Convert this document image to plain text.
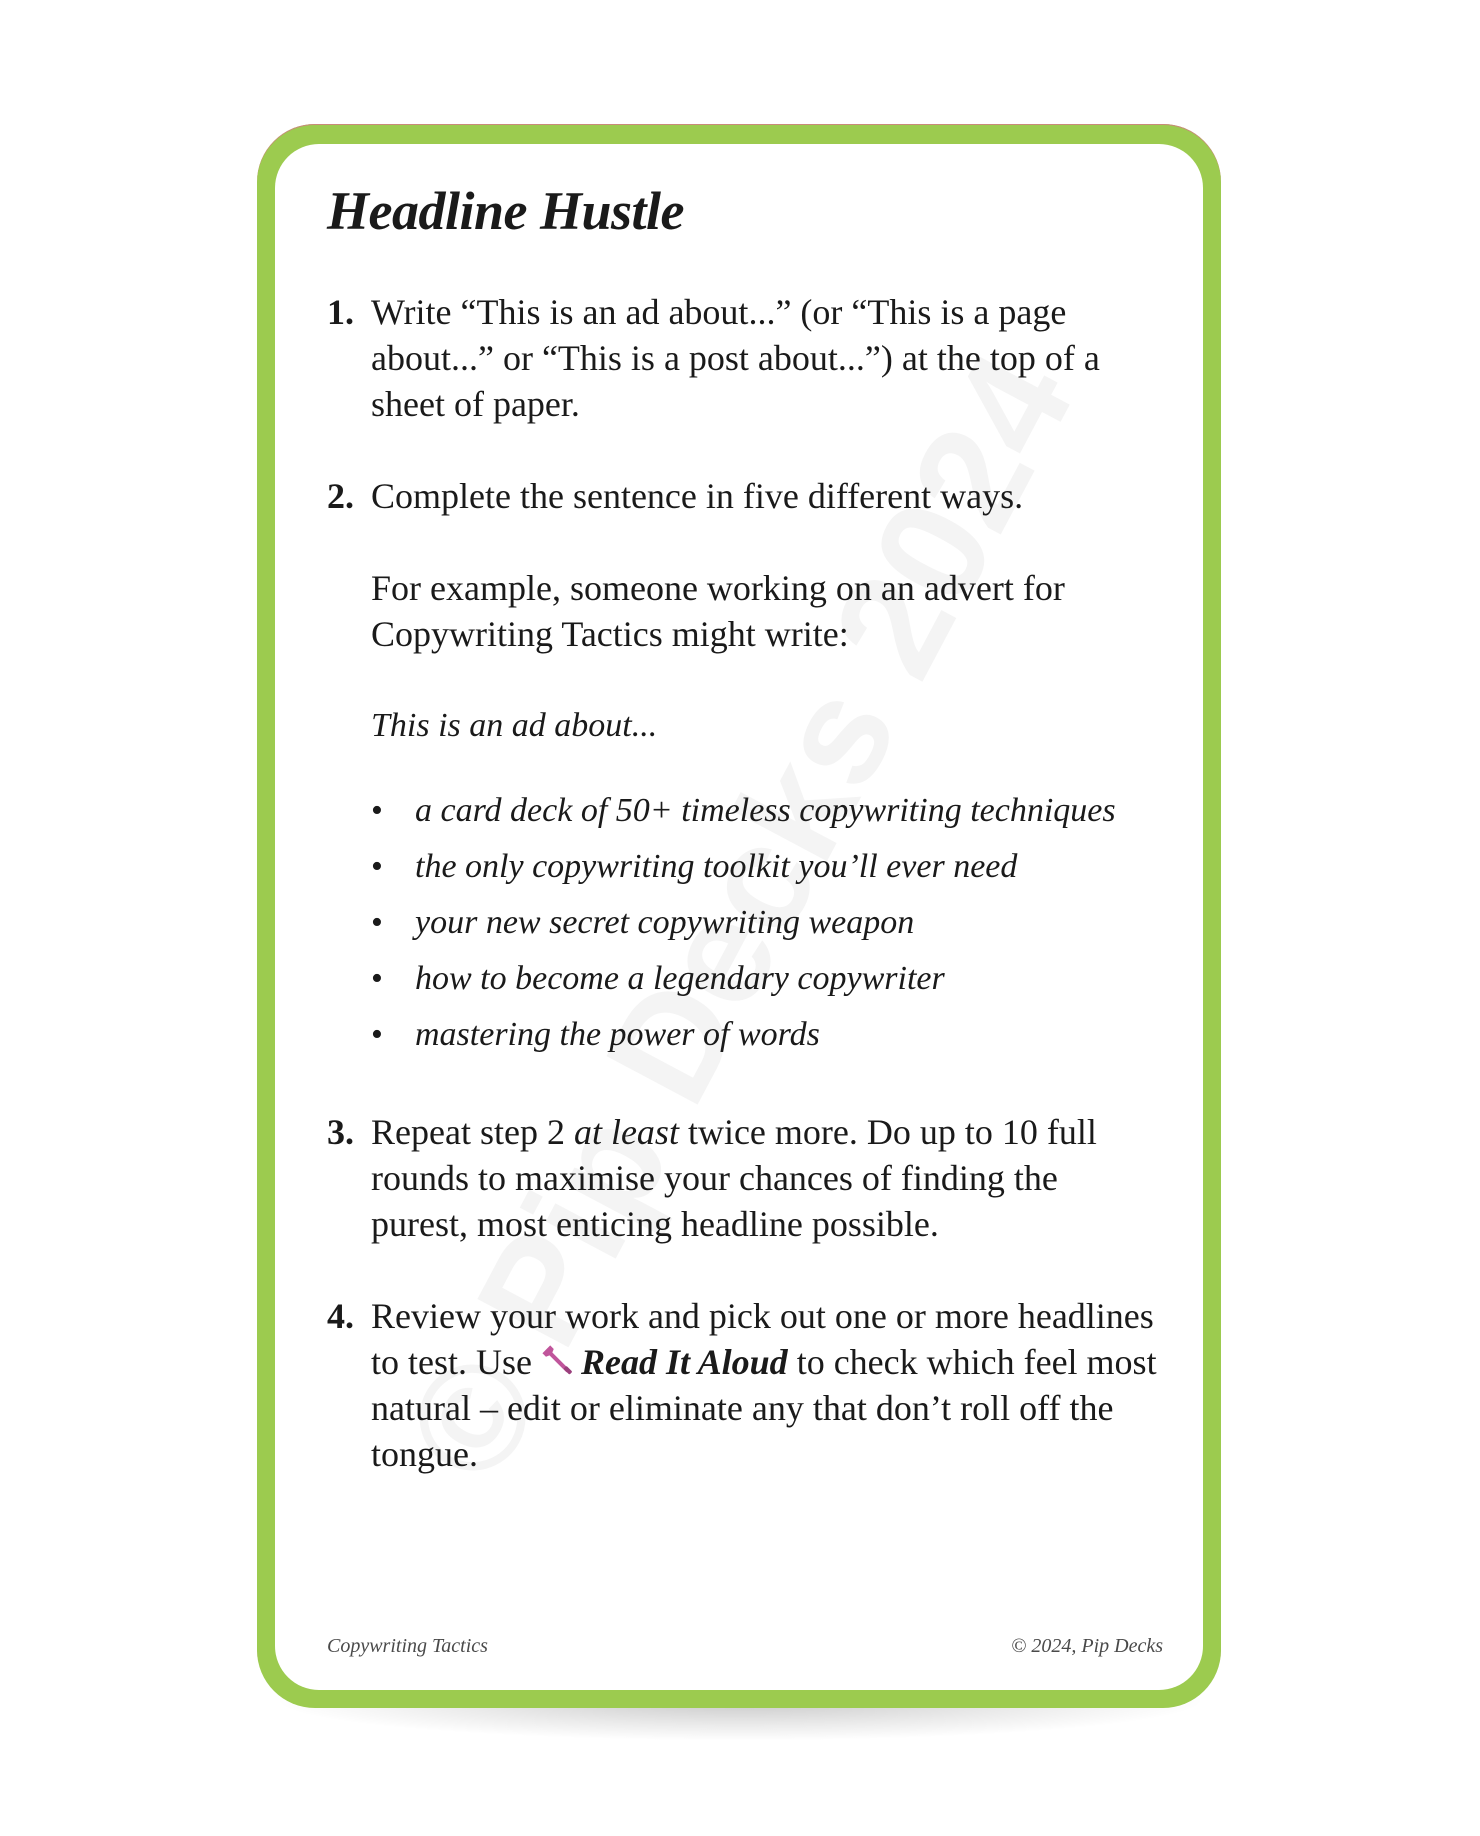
Headline Hustle
1. Write “This is an ad about...” (or “This is a page about...” or “This is a post about...”) at the top of a sheet of paper.

2. Complete the sentence in five different ways.

For example, someone working on an advert for Copywriting Tactics might write:

This is an ad about...

• a card deck of 50+ timeless copywriting techniques
• the only copywriting toolkit you’ll ever need
• your new secret copywriting weapon
• how to become a legendary copywriter
• mastering the power of words
3. Repeat step 2 at least twice more. Do up to 10 full rounds to maximise your chances of finding the purest, most enticing headline possible.

4. Review your work and pick out one or more headlines to test. Use Read It Aloud to check which feel most natural – edit or eliminate any that don’t roll off the tongue.

Copywriting Tactics	© 2024, Pip Decks
